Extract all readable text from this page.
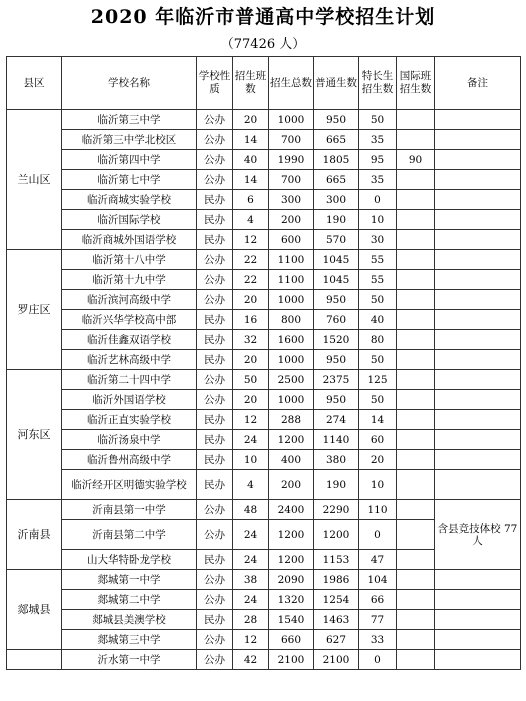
2020 年临沂市普通高中学校招生计划
（77426 人）
县区	学校名称	学校性质	招生班数	招生总数	普通生数	特长生招生数	国际班招生数	备注
兰山区	临沂第三中学	公办	20	1000	950	50		
	临沂第三中学北校区	公办	14	700	665	35		
	临沂第四中学	公办	40	1990	1805	95	90	
	临沂第七中学	公办	14	700	665	35		
	临沂商城实验学校	民办	6	300	300	0		
	临沂国际学校	民办	4	200	190	10		
	临沂商城外国语学校	民办	12	600	570	30		
罗庄区	临沂第十八中学	公办	22	1100	1045	55		
	临沂第十九中学	公办	22	1100	1045	55		
	临沂滨河高级中学	公办	20	1000	950	50		
	临沂兴华学校高中部	民办	16	800	760	40		
	临沂佳鑫双语学校	民办	32	1600	1520	80		
	临沂艺林高级中学	民办	20	1000	950	50		
河东区	临沂第二十四中学	公办	50	2500	2375	125		
	临沂外国语学校	公办	20	1000	950	50		
	临沂正直实验学校	民办	12	288	274	14		
	临沂汤泉中学	民办	24	1200	1140	60		
	临沂鲁州高级中学	民办	10	400	380	20		
	临沂经开区明德实验学校	民办	4	200	190	10		
沂南县	沂南县第一中学	公办	48	2400	2290	110		含县竞技体校 77 人
	沂南县第二中学	公办	24	1200	1200	0		
	山大华特卧龙学校	民办	24	1200	1153	47		
郯城县	郯城第一中学	公办	38	2090	1986	104		
	郯城第二中学	公办	24	1320	1254	66		
	郯城县美澳学校	民办	28	1540	1463	77		
	郯城第三中学	公办	12	660	627	33		
	沂水第一中学	公办	42	2100	2100	0		
